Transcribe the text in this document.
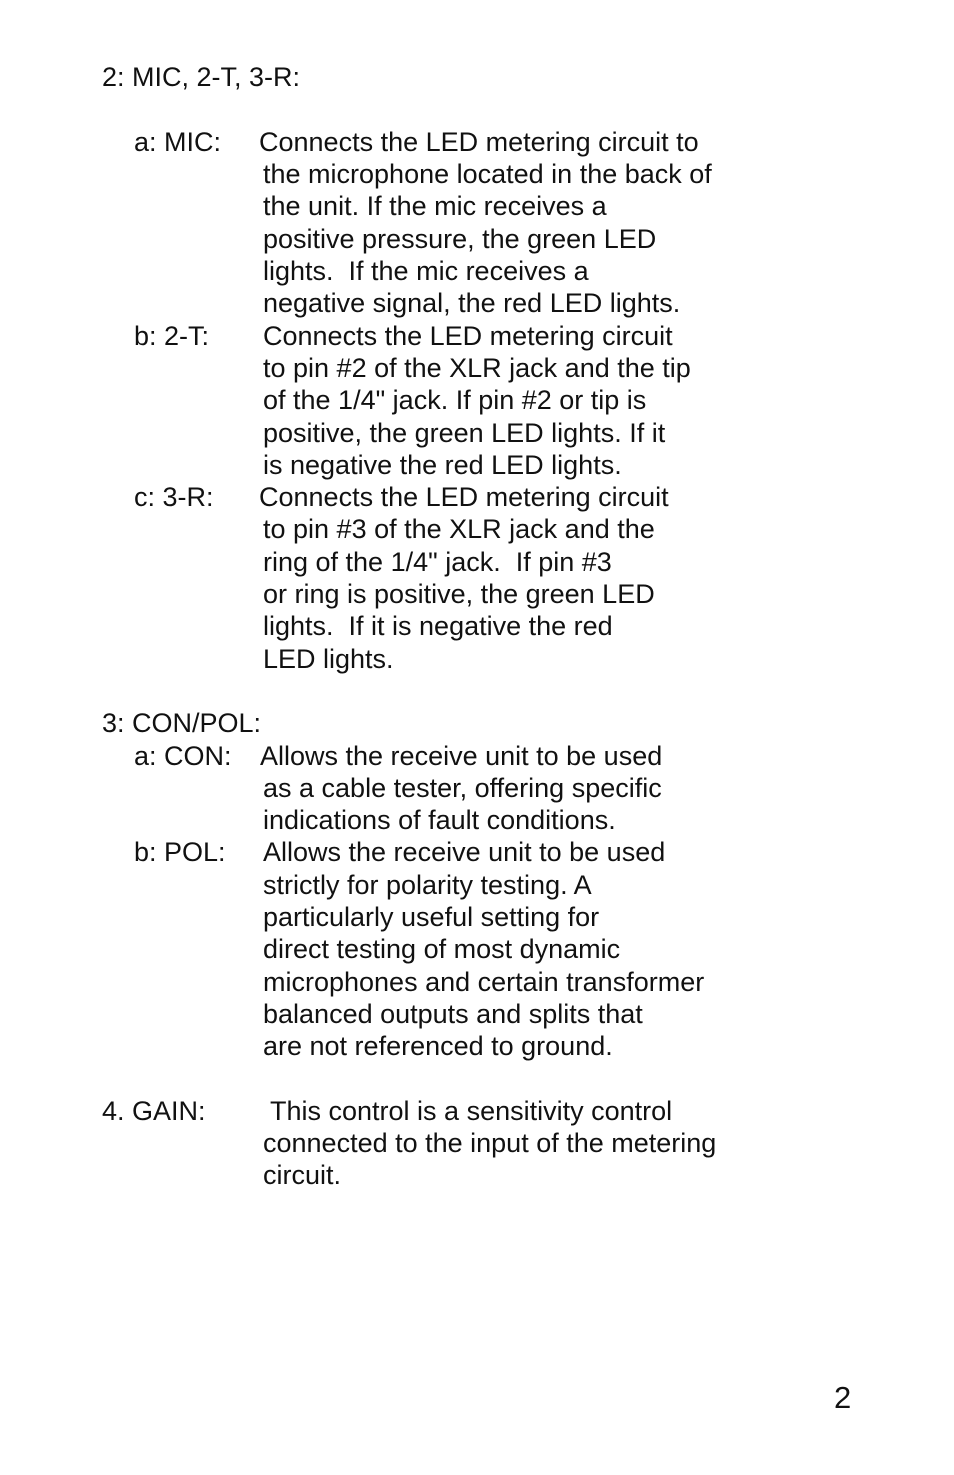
2: MIC, 2-T, 3-R:
a: MIC: Connects the LED metering circuit to
the microphone located in the back of
the unit. If the mic receives a
positive pressure, the green LED
lights.  If the mic receives a
negative signal, the red LED lights.
b: 2-T: Connects the LED metering circuit
to pin #2 of the XLR jack and the tip
of the 1/4" jack. If pin #2 or tip is
positive, the green LED lights. If it
is negative the red LED lights.
c: 3-R: Connects the LED metering circuit
to pin #3 of the XLR jack and the
ring of the 1/4" jack.  If pin #3
or ring is positive, the green LED
lights.  If it is negative the red
LED lights.
3: CON/POL:
a: CON: Allows the receive unit to be used
as a cable tester, offering specific
indications of fault conditions.
b: POL: Allows the receive unit to be used
strictly for polarity testing. A
particularly useful setting for
direct testing of most dynamic
microphones and certain transformer
balanced outputs and splits that
are not referenced to ground.
4. GAIN: This control is a sensitivity control
connected to the input of the metering
circuit.
2
